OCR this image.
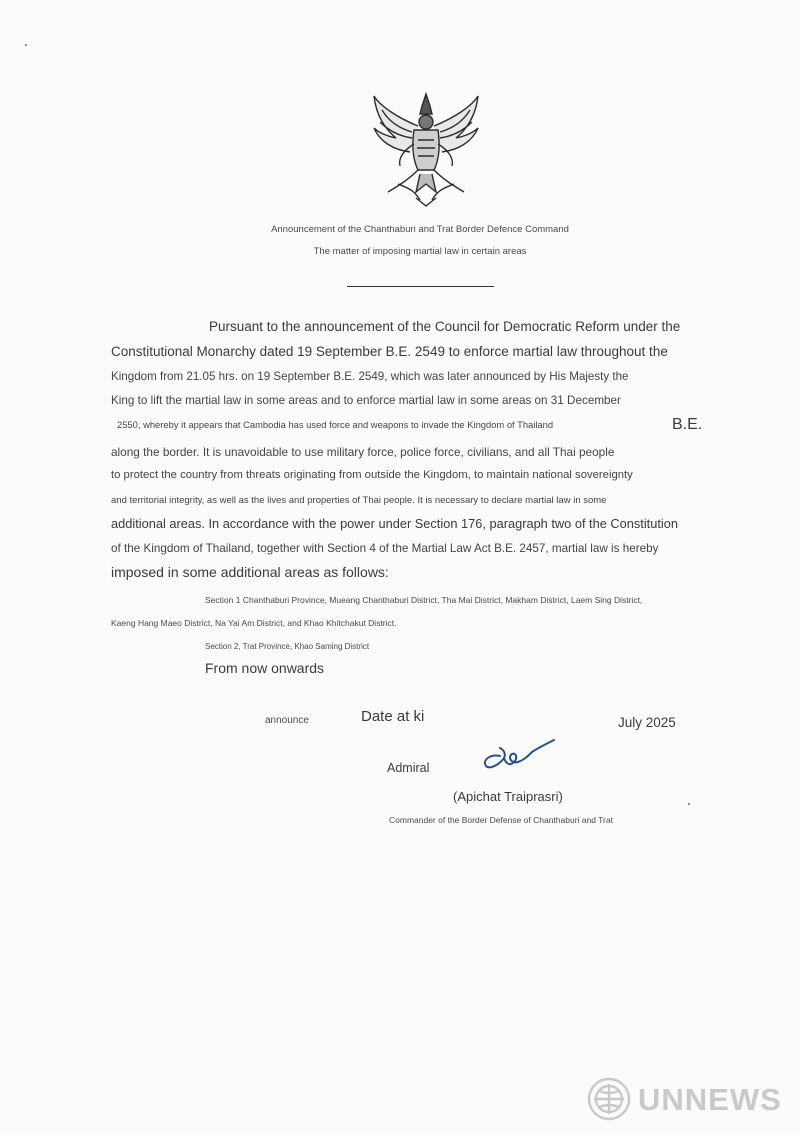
Announcement of the Chanthaburi and Trat Border Defence Command
The matter of imposing martial law in certain areas
Pursuant to the announcement of the Council for Democratic Reform under the
Constitutional Monarchy dated 19 September B.E. 2549 to enforce martial law throughout the
Kingdom from 21.05 hrs. on 19 September B.E. 2549, which was later announced by His Majesty the
King to lift the martial law in some areas and to enforce martial law in some areas on 31 December
2550, whereby it appears that Cambodia has used force and weapons to invade the Kingdom of Thailand	B.E.
along the border. It is unavoidable to use military force, police force, civilians, and all Thai people
to protect the country from threats originating from outside the Kingdom, to maintain national sovereignty
and territorial integrity, as well as the lives and properties of Thai people. It is necessary to declare martial law in some
additional areas. In accordance with the power under Section 176, paragraph two of the Constitution
of the Kingdom of Thailand, together with Section 4 of the Martial Law Act B.E. 2457, martial law is hereby
imposed in some additional areas as follows:
Section 1 Chanthaburi Province, Mueang Chanthaburi District, Tha Mai District, Makham District, Laem Sing District,
Kaeng Hang Maeo District, Na Yai Am District, and Khao Khitchakut District.
Section 2, Trat Province, Khao Saming District
From now onwards
announce	Date at ki	July 2025
Admiral
(Apichat Traiprasri)
Commander of the Border Defense of Chanthaburi and Trat
UNNEWS
